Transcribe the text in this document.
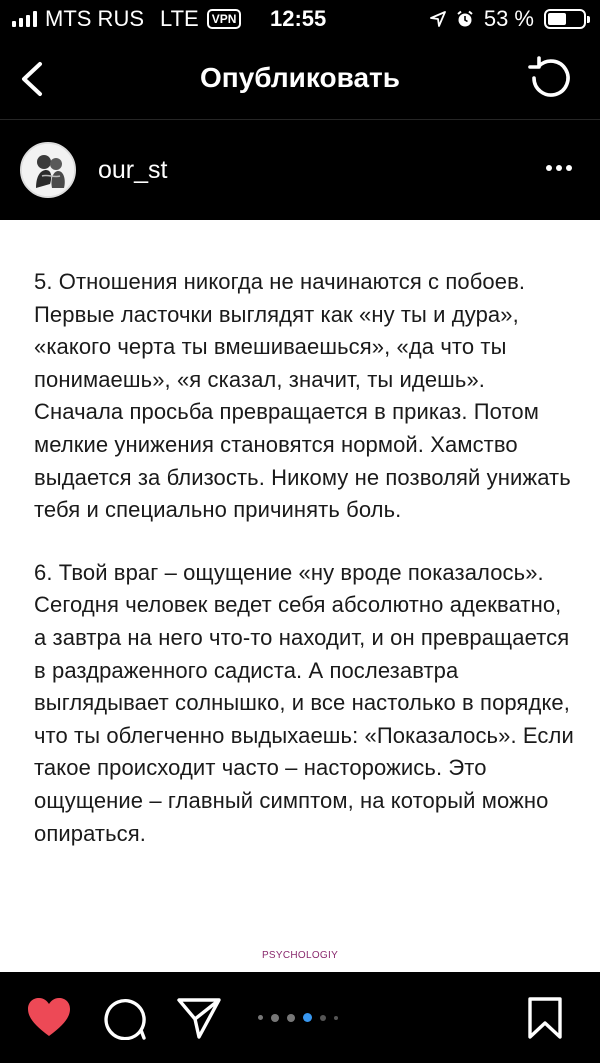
MTS RUS LTE	VPN 12:55	53 %
Опубликовать
our_st

5. Отношения никогда не начинаются с побоев. Первые ласточки выглядят как «ну ты и дура», «какого черта ты вмешиваешься», «да что ты понимаешь», «я сказал, значит, ты идешь». Сначала просьба превращается в приказ. Потом мелкие унижения становятся нормой. Хамство выдается за близость. Никому не позволяй унижать тебя и специально причинять боль.

6. Твой враг – ощущение «ну вроде показалось». Сегодня человек ведет себя абсолютно адекватно, а завтра на него что-то находит, и он превращается в раздраженного садиста. А послезавтра выглядывает солнышко, и все настолько в порядке, что ты облегченно выдыхаешь: «Показалось». Если такое происходит часто – насторожись. Это ощущение – главный симптом, на который можно опираться.

PSYCHOLOGIY
